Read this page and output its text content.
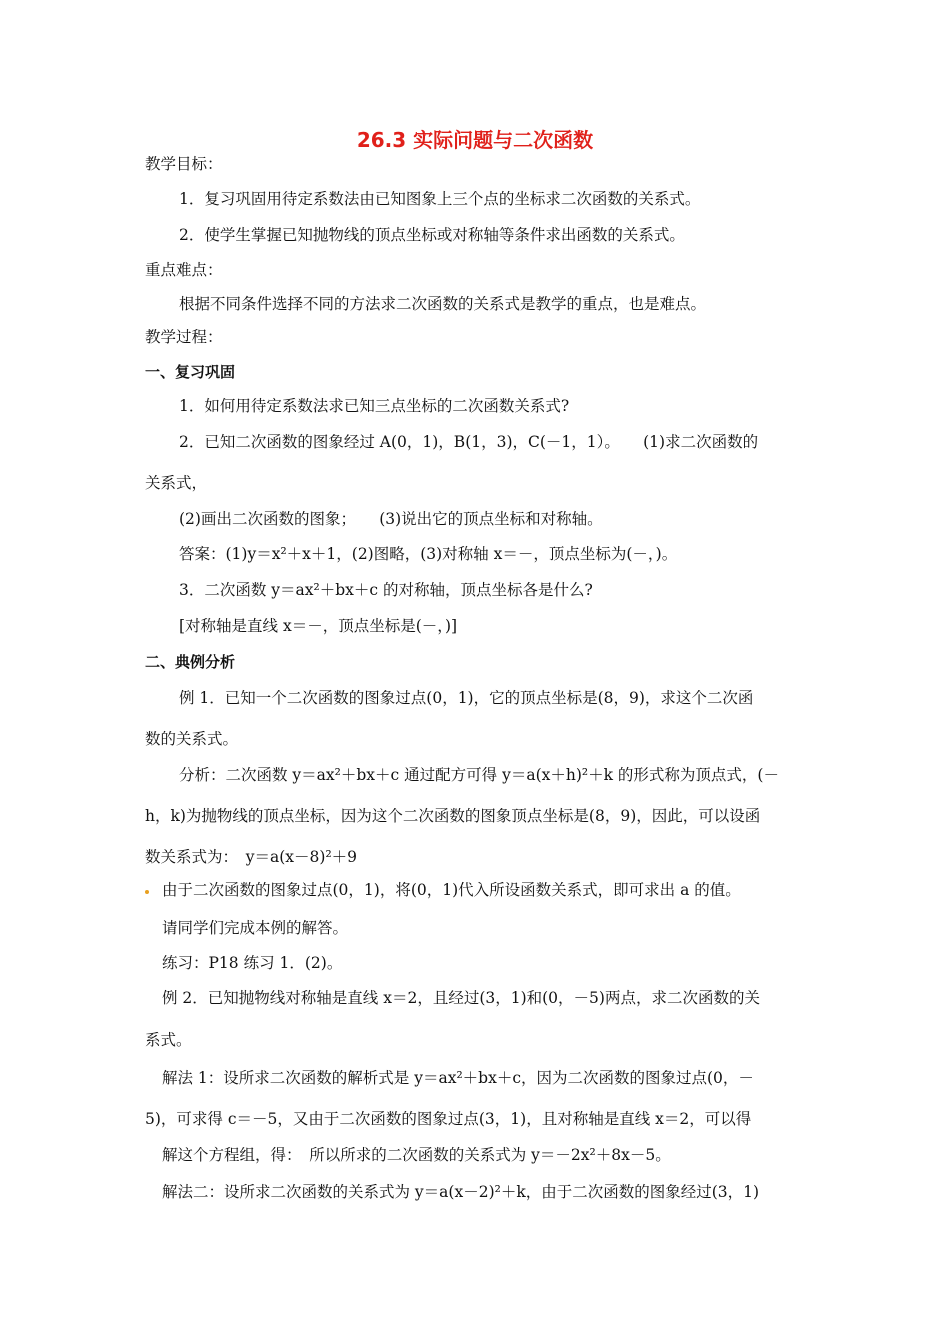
26.3 实际问题与二次函数
教学目标：
1．复习巩固用待定系数法由已知图象上三个点的坐标求二次函数的关系式。
2．使学生掌握已知抛物线的顶点坐标或对称轴等条件求出函数的关系式。
重点难点：
根据不同条件选择不同的方法求二次函数的关系式是教学的重点，也是难点。
教学过程：
一、复习巩固
1．如何用待定系数法求已知三点坐标的二次函数关系式?
2．已知二次函数的图象经过 A(0，1)，B(1，3)，C(－1，1）。　　(1)求二次函数的
关系式，
(2)画出二次函数的图象；　　(3)说出它的顶点坐标和对称轴。
答案：(1)y＝x²＋x＋1，(2)图略，(3)对称轴 x＝－，顶点坐标为(－，)。
3．二次函数 y＝ax²＋bx＋c 的对称轴，顶点坐标各是什么?
[对称轴是直线 x＝－，顶点坐标是(－，)]
二、典例分析
例 1．已知一个二次函数的图象过点(0，1)，它的顶点坐标是(8，9)，求这个二次函
数的关系式。
分析：二次函数 y＝ax²＋bx＋c 通过配方可得 y＝a(x＋h)²＋k 的形式称为顶点式，(－
h，k)为抛物线的顶点坐标，因为这个二次函数的图象顶点坐标是(8，9)，因此，可以设函
数关系式为：　y＝a(x－8)²＋9
由于二次函数的图象过点(0，1)，将(0，1)代入所设函数关系式，即可求出 a 的值。
请同学们完成本例的解答。
练习：P18 练习 1．(2)。
例 2．已知抛物线对称轴是直线 x＝2，且经过(3，1)和(0，－5)两点，求二次函数的关
系式。
解法 1：设所求二次函数的解析式是 y＝ax²＋bx＋c，因为二次函数的图象过点(0，－
5)，可求得 c＝－5，又由于二次函数的图象过点(3，1)，且对称轴是直线 x＝2，可以得
解这个方程组，得：　所以所求的二次函数的关系式为 y＝－2x²＋8x－5。
解法二：设所求二次函数的关系式为 y＝a(x－2)²＋k，由于二次函数的图象经过(3，1)
